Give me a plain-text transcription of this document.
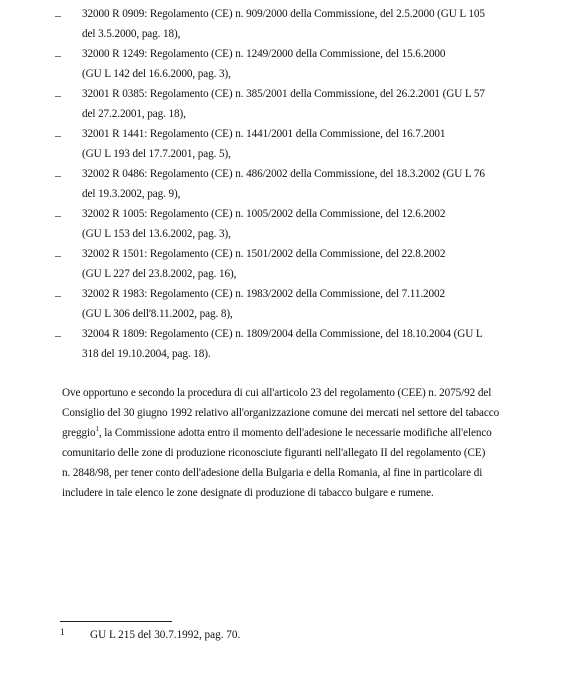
– 32000 R 0909: Regolamento (CE) n. 909/2000 della Commissione, del 2.5.2000 (GU L 105
del 3.5.2000, pag. 18),
– 32000 R 1249: Regolamento (CE) n. 1249/2000 della Commissione, del 15.6.2000
(GU L 142 del 16.6.2000, pag. 3),
– 32001 R 0385: Regolamento (CE) n. 385/2001 della Commissione, del 26.2.2001 (GU L 57
del 27.2.2001, pag. 18),
– 32001 R 1441: Regolamento (CE) n. 1441/2001 della Commissione, del 16.7.2001
(GU L 193 del 17.7.2001, pag. 5),
– 32002 R 0486: Regolamento (CE) n. 486/2002 della Commissione, del 18.3.2002 (GU L 76
del 19.3.2002, pag. 9),
– 32002 R 1005: Regolamento (CE) n. 1005/2002 della Commissione, del 12.6.2002
(GU L 153 del 13.6.2002, pag. 3),
– 32002 R 1501: Regolamento (CE) n. 1501/2002 della Commissione, del 22.8.2002
(GU L 227 del 23.8.2002, pag. 16),
– 32002 R 1983: Regolamento (CE) n. 1983/2002 della Commissione, del 7.11.2002
(GU L 306 dell'8.11.2002, pag. 8),
– 32004 R 1809: Regolamento (CE) n. 1809/2004 della Commissione, del 18.10.2004 (GU L
318 del 19.10.2004, pag. 18).
Ove opportuno e secondo la procedura di cui all'articolo 23 del regolamento (CEE) n. 2075/92 del
Consiglio del 30 giugno 1992 relativo all'organizzazione comune dei mercati nel settore del tabacco
greggio$^1$, la Commissione adotta entro il momento dell'adesione le necessarie modifiche all'elenco
comunitario delle zone di produzione riconosciute figuranti nell'allegato II del regolamento (CE)
n. 2848/98, per tener conto dell'adesione della Bulgaria e della Romania, al fine in particolare di
includere in tale elenco le zone designate di produzione di tabacco bulgare e rumene.
1 GU L 215 del 30.7.1992, pag. 70.
